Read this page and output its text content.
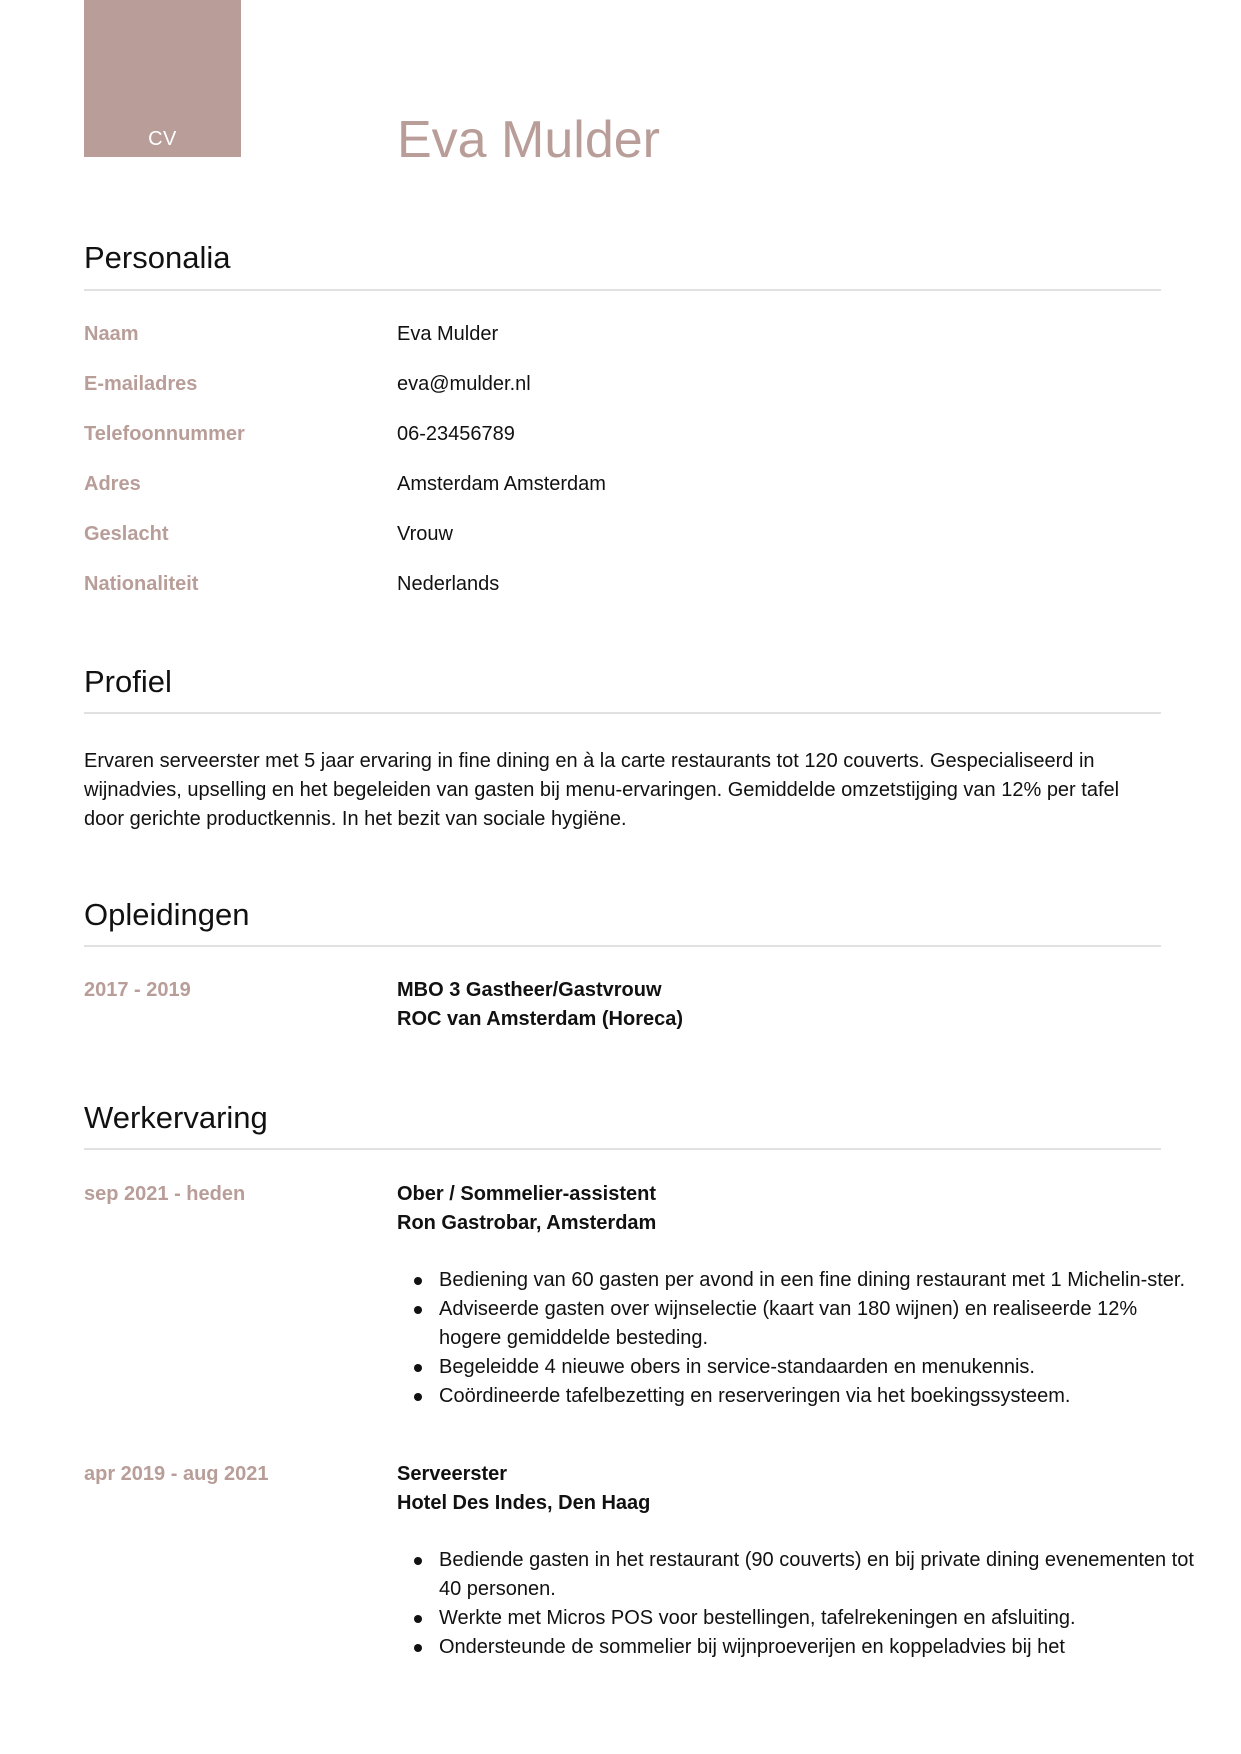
CV	Eva Mulder
Personalia
Naam	Eva Mulder
E-mailadres	eva@mulder.nl
Telefoonnummer	06-23456789
Adres	Amsterdam Amsterdam
Geslacht	Vrouw
Nationaliteit	Nederlands
Profiel

Ervaren serveerster met 5 jaar ervaring in fine dining en à la carte restaurants tot 120 couverts. Gespecialiseerd in wijnadvies, upselling en het begeleiden van gasten bij menu-ervaringen. Gemiddelde omzetstijging van 12% per tafel door gerichte productkennis. In het bezit van sociale hygiëne.

Opleidingen
2017 - 2019	MBO 3 Gastheer/Gastvrouw
ROC van Amsterdam (Horeca)
Werkervaring
sep 2021 - heden	Ober / Sommelier-assistent
Ron Gastrobar, Amsterdam
Bediening van 60 gasten per avond in een fine dining restaurant met 1 Michelin-ster.
Adviseerde gasten over wijnselectie (kaart van 180 wijnen) en realiseerde 12% hogere gemiddelde besteding.
Begeleidde 4 nieuwe obers in service-standaarden en menukennis.
Coördineerde tafelbezetting en reserveringen via het boekingssysteem.
apr 2019 - aug 2021	Serveerster
Hotel Des Indes, Den Haag
Bediende gasten in het restaurant (90 couverts) en bij private dining evenementen tot 40 personen.
Werkte met Micros POS voor bestellingen, tafelrekeningen en afsluiting.
Ondersteunde de sommelier bij wijnproeverijen en koppeladvies bij het
